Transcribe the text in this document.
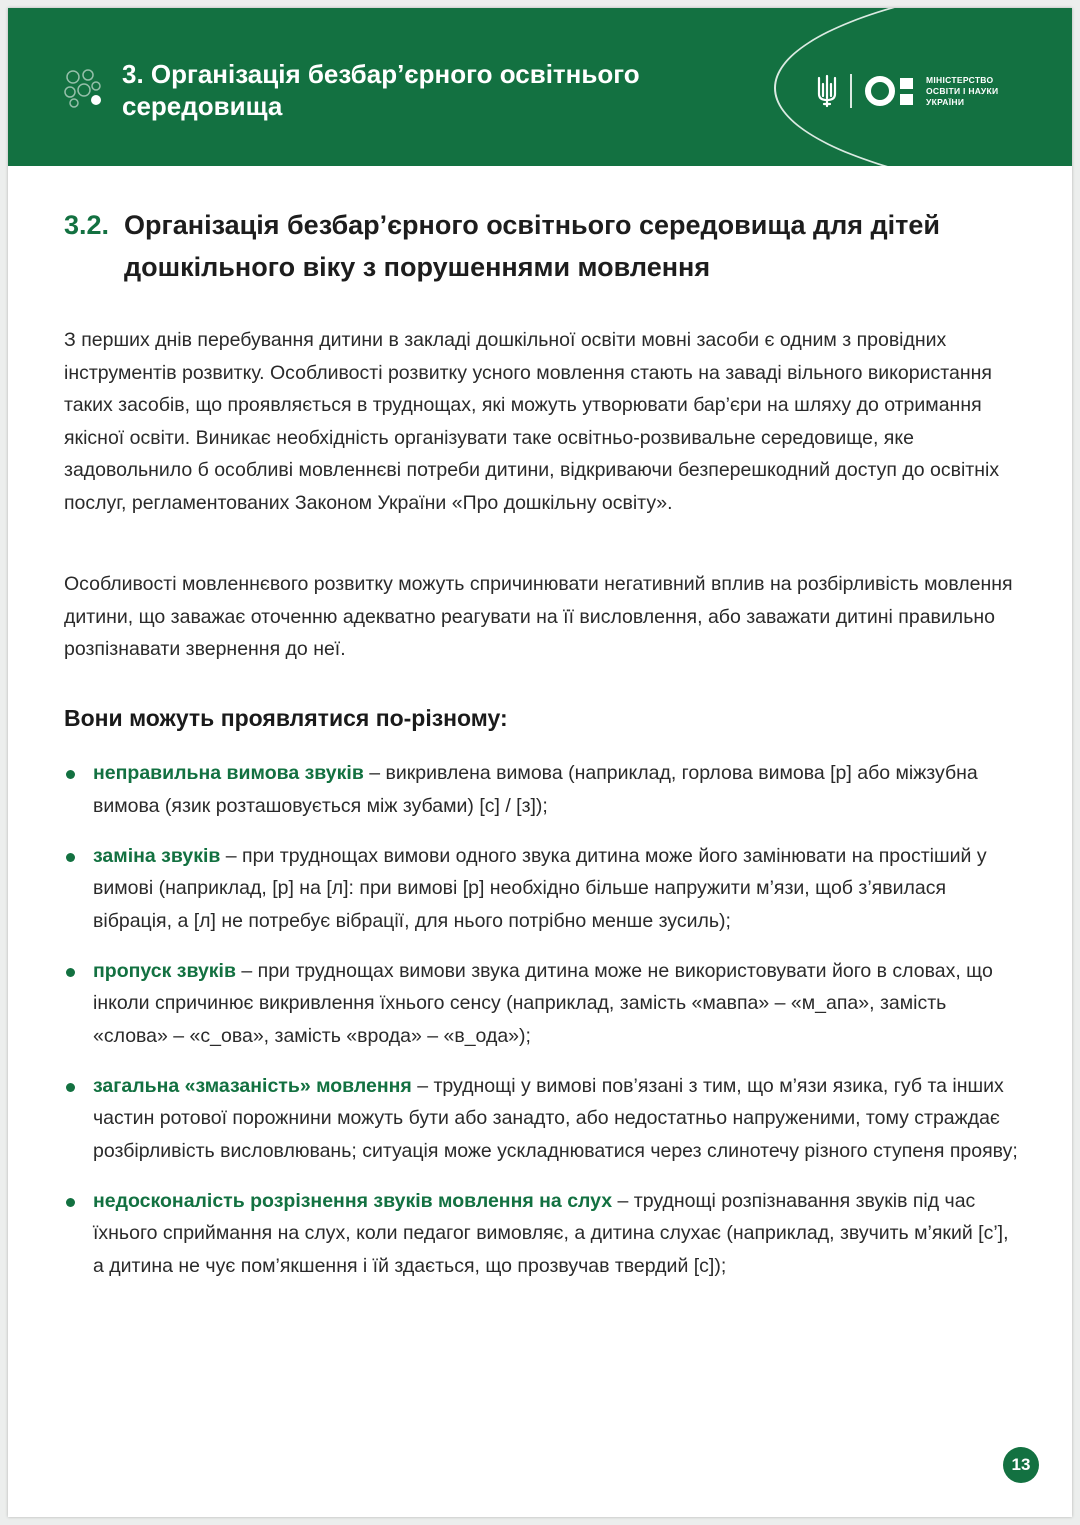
3. Організація безбар’єрного освітнього середовища
МІНІСТЕРСТВО
ОСВІТИ І НАУКИ
УКРАЇНИ
3.2. Організація безбар’єрного освітнього середовища для дітей дошкільного віку з порушеннями мовлення

З перших днів перебування дитини в закладі дошкільної освіти мовні засоби є одним з провідних інструментів розвитку. Особливості розвитку усного мовлення стають на заваді вільного використання таких засобів, що проявляється в труднощах, які можуть утворювати бар’єри на шляху до отримання якісної освіти. Виникає необхідність організувати таке освітньо-розвивальне середовище, яке задовольнило б особливі мовленнєві потреби дитини, відкриваючи безперешкодний доступ до освітніх послуг, регламентованих Законом України «Про дошкільну освіту».

Особливості мовленнєвого розвитку можуть спричинювати негативний вплив на розбірливість мовлення дитини, що заважає оточенню адекватно реагувати на її висловлення, або заважати дитині правильно розпізнавати звернення до неї.

Вони можуть проявлятися по-різному:
неправильна вимова звуків – викривлена вимова (наприклад, горлова вимова [р] або міжзубна вимова (язик розташовується між зубами) [с] / [з]);
заміна звуків – при труднощах вимови одного звука дитина може його замінювати на простіший у вимові (наприклад, [р] на [л]: при вимові [р] необхідно більше напружити м’язи, щоб з’явилася вібрація, а [л] не потребує вібрації, для нього потрібно менше зусиль);
пропуск звуків – при труднощах вимови звука дитина може не використовувати його в словах, що інколи спричинює викривлення їхнього сенсу (наприклад, замість «мавпа» – «м_апа», замість «слова» – «с_ова», замість «врода» – «в_ода»);
загальна «змазаність» мовлення – труднощі у вимові пов’язані з тим, що м’язи язика, губ та інших частин ротової порожнини можуть бути або занадто, або недостатньо напруженими, тому страждає розбірливість висловлювань; ситуація може ускладнюватися через слинотечу різного ступеня прояву;
недосконалість розрізнення звуків мовлення на слух – труднощі розпізнавання звуків під час їхнього сприймання на слух, коли педагог вимовляє, а дитина слухає (наприклад, звучить м’який [с’], а дитина не чує пом’якшення і їй здається, що прозвучав твердий [с]);
13
